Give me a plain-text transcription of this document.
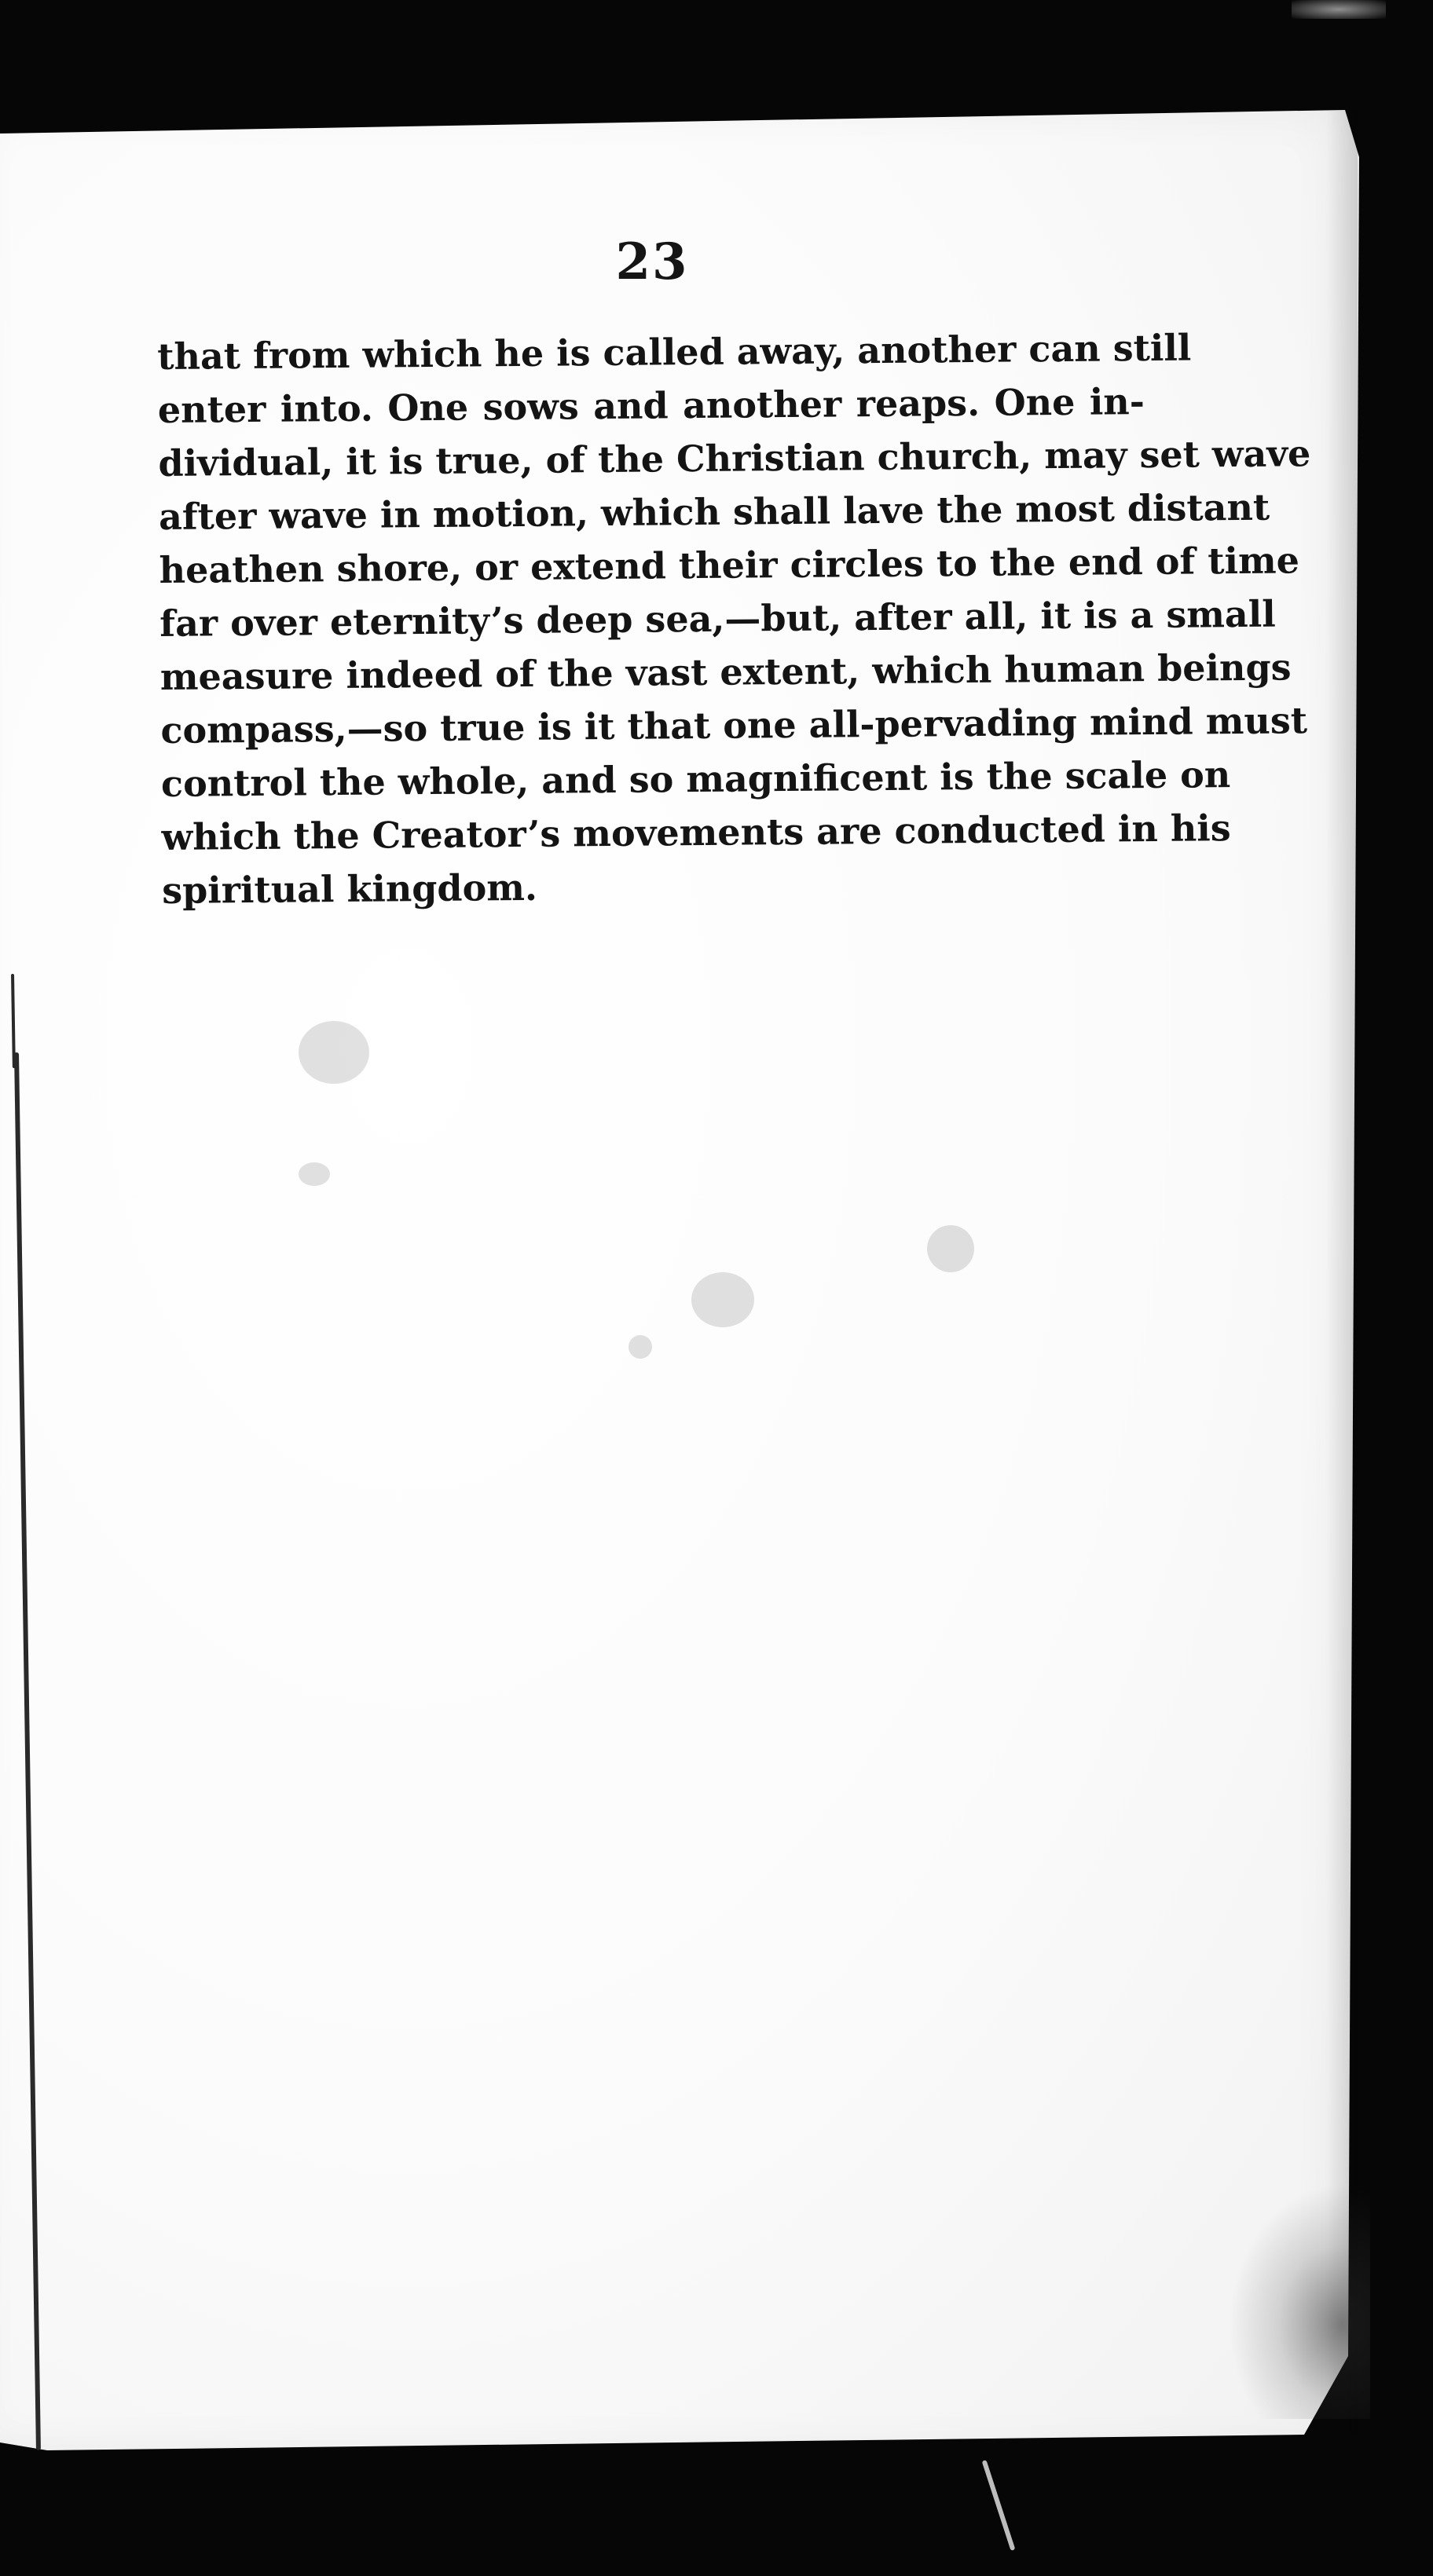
23
that from which he is called away, another can still
enter into. One sows and another reaps. One in-
dividual, it is true, of the Christian church, may set wave
after wave in motion, which shall lave the most distant
heathen shore, or extend their circles to the end of time
far over eternity’s deep sea,—but, after all, it is a small
measure indeed of the vast extent, which human beings
compass,—so true is it that one all-pervading mind must
control the whole, and so magnificent is the scale on
which the Creator’s movements are conducted in his
spiritual kingdom.
